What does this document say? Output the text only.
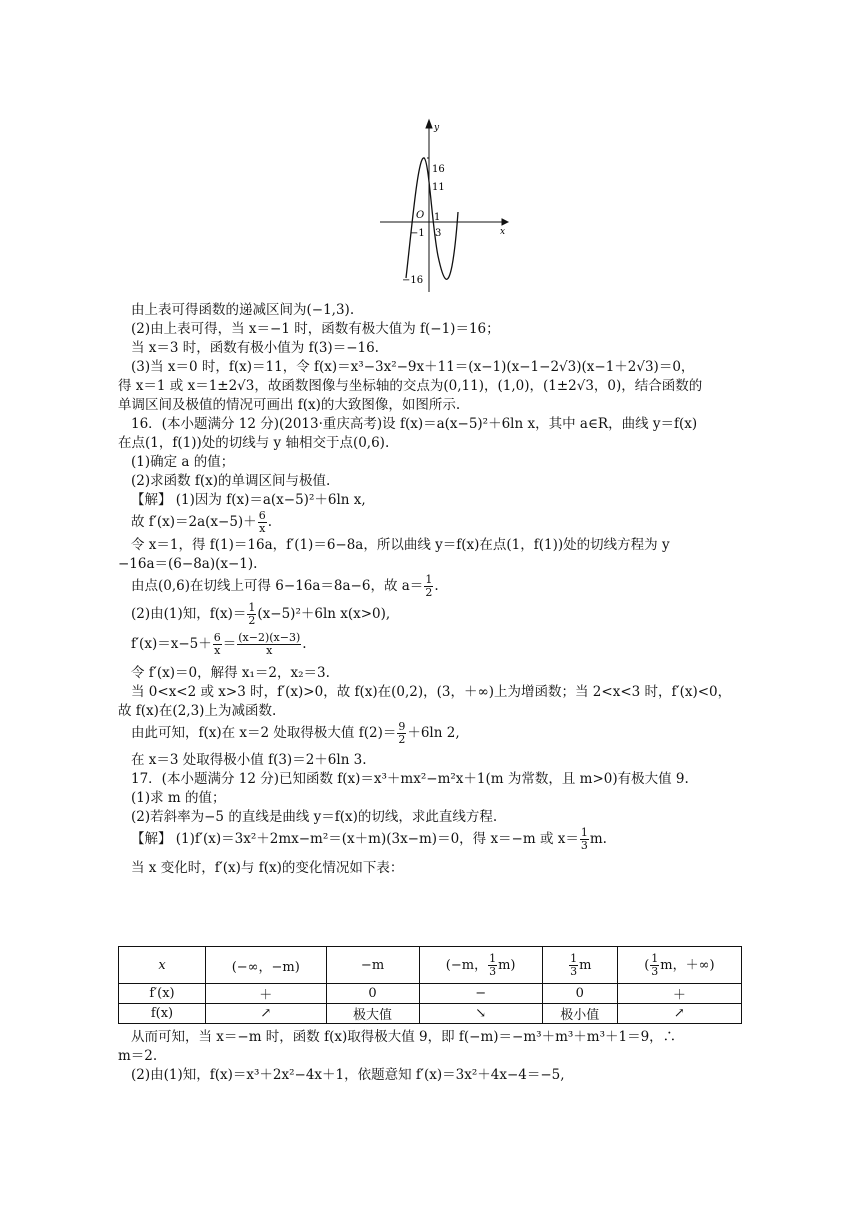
y
x
O
16
11
−16
−1
1
3
由上表可得函数的递减区间为(−1,3).
(2)由上表可得，当 x＝−1 时，函数有极大值为 f(−1)＝16；
当 x＝3 时，函数有极小值为 f(3)＝−16.
(3)当 x＝0 时，f(x)＝11，令 f(x)＝x³−3x²−9x＋11＝(x−1)(x−1−2√3)(x−1＋2√3)＝0，
得 x＝1 或 x＝1±2√3，故函数图像与坐标轴的交点为(0,11)，(1,0)，(1±2√3，0)，结合函数的
单调区间及极值的情况可画出 f(x)的大致图像，如图所示.
16．(本小题满分 12 分)(2013·重庆高考)设 f(x)＝a(x−5)²＋6ln x，其中 a∈R，曲线 y＝f(x)
在点(1，f(1))处的切线与 y 轴相交于点(0,6).
(1)确定 a 的值；
(2)求函数 f(x)的单调区间与极值.
【解】 (1)因为 f(x)＝a(x−5)²＋6ln x,
故 $f'(x)=2a(x-5)+ \frac{6}{x}$ .
令 x＝1，得 f(1)＝16a，f′(1)＝6−8a，所以曲线 y＝f(x)在点(1，f(1))处的切线方程为 y
−16a＝(6−8a)(x−1).
由点(0,6)在切线上可得 6−16a＝8a−6，故 $a= \frac{1}{2}$ .
(2)由(1)知，$f(x)= \frac{1}{2} (x-5)^2+6\ln$ x(x>0),
$f'(x)=x-5+ \frac{6}{x} = \frac{(x-2)(x-3)}{x}$ .
令 f′(x)＝0，解得 x₁＝2，x₂＝3.
当 0<x<2 或 x>3 时，f′(x)>0，故 f(x)在(0,2)，(3，＋∞)上为增函数；当 2<x<3 时，f′(x)<0，
故 f(x)在(2,3)上为减函数.
由此可知，f(x)在 x＝2 处取得极大值 $f(2)= \frac{9}{2} +6\ln$ 2,
在 x＝3 处取得极小值 f(3)＝2＋6ln 3.
17．(本小题满分 12 分)已知函数 f(x)＝x³＋mx²−m²x＋1(m 为常数，且 m>0)有极大值 9.
(1)求 m 的值；
(2)若斜率为−5 的直线是曲线 y＝f(x)的切线，求此直线方程.
【解】 (1)f′(x)＝3x²＋2mx−m²＝(x＋m)(3x−m)＝0，得 x＝−m 或 $x= \frac{1}{3} m$.
当 x 变化时，f′(x)与 f(x)的变化情况如下表：
x	(−∞，−m)	−m	(−m， $\frac{1}{3} m$)	$\frac{1}{3}$ m	( $\frac{1}{3}$ m，＋∞)
f′(x)	＋	0	−	0	＋
f(x)	↗	极大值	↘	极小值	↗
从而可知，当 x＝−m 时，函数 f(x)取得极大值 9，即 f(−m)＝−m³＋m³＋m³＋1＝9，∴
m＝2.
(2)由(1)知，f(x)＝x³＋2x²−4x＋1，依题意知 f′(x)＝3x²＋4x−4＝−5,
